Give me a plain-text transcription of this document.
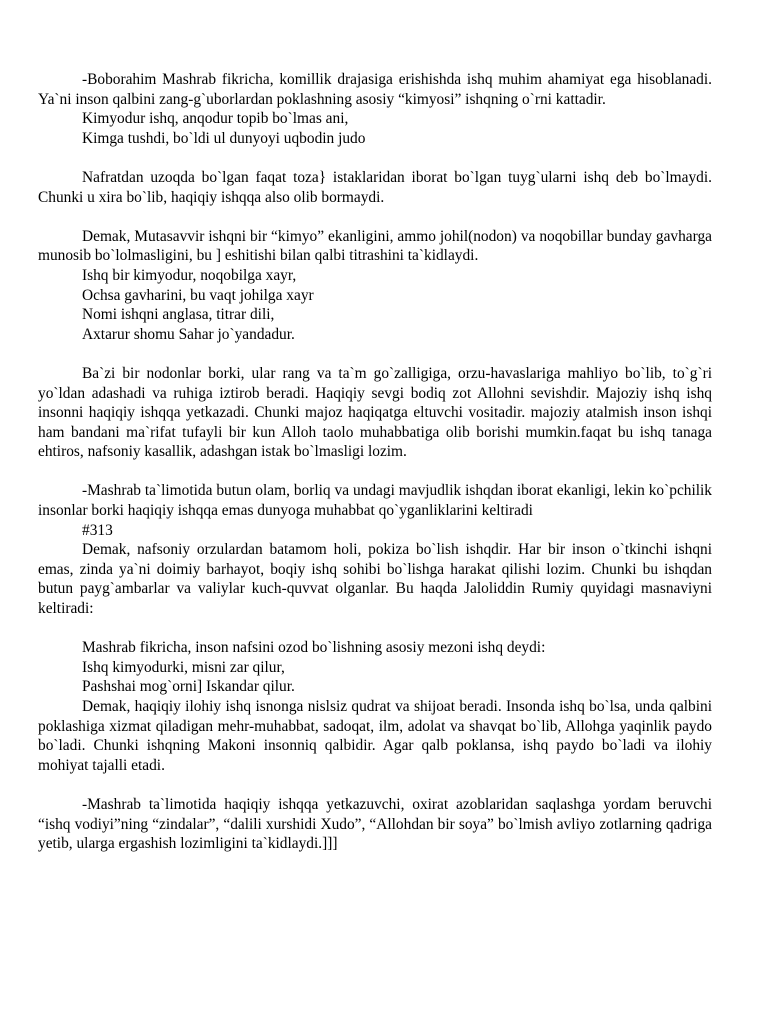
-Boborahim Mashrab fikricha, komillik drajasiga erishishda ishq muhim ahamiyat ega hisoblanadi. Ya`ni inson qalbini zang-g`uborlardan poklashning asosiy “kimyosi” ishqning o`rni kattadir.

Kimyodur ishq, anqodur topib bo`lmas ani,
Kimga tushdi, bo`ldi ul dunyoyi uqbodin judo

Nafratdan uzoqda bo`lgan faqat toza} istaklaridan iborat bo`lgan tuyg`ularni ishq deb bo`lmaydi. Chunki u xira bo`lib, haqiqiy ishqqa also olib bormaydi.

Demak, Mutasavvir ishqni bir “kimyo” ekanligini, ammo johil(nodon) va noqobillar bunday gavharga munosib bo`lolmasligini, bu ] eshitishi bilan qalbi titrashini ta`kidlaydi.

Ishq bir kimyodur, noqobilga xayr,
Ochsa gavharini, bu vaqt johilga xayr
Nomi ishqni anglasa, titrar dili,
Axtarur shomu Sahar jo`yandadur.

Ba`zi bir nodonlar borki, ular rang va ta`m go`zalligiga, orzu-havaslariga mahliyo bo`lib, to`g`ri yo`ldan adashadi va ruhiga iztirob beradi. Haqiqiy sevgi bodiq zot Allohni sevishdir. Majoziy ishq ishq insonni haqiqiy ishqqa yetkazadi. Chunki majoz haqiqatga eltuvchi vositadir. majoziy atalmish inson ishqi ham bandani ma`rifat tufayli bir kun Alloh taolo muhabbatiga olib borishi mumkin.faqat bu ishq tanaga ehtiros, nafsoniy kasallik, adashgan istak bo`lmasligi lozim.

-Mashrab ta`limotida butun olam, borliq va undagi mavjudlik ishqdan iborat ekanligi, lekin ko`pchilik insonlar borki haqiqiy ishqqa emas dunyoga muhabbat qo`yganliklarini keltiradi

#313

Demak, nafsoniy orzulardan batamom holi, pokiza bo`lish ishqdir. Har bir inson o`tkinchi ishqni emas, zinda ya`ni doimiy barhayot, boqiy ishq sohibi bo`lishga harakat qilishi lozim. Chunki bu ishqdan butun payg`ambarlar va valiylar kuch-quvvat olganlar. Bu haqda Jaloliddin Rumiy quyidagi masnaviyni keltiradi:

Mashrab fikricha, inson nafsini ozod bo`lishning asosiy mezoni ishq deydi:
Ishq kimyodurki, misni zar qilur,
Pashshai mog`orni] Iskandar qilur.

Demak, haqiqiy ilohiy ishq isnonga nislsiz qudrat va shijoat beradi. Insonda ishq bo`lsa, unda qalbini poklashiga xizmat qiladigan mehr-muhabbat, sadoqat, ilm, adolat va shavqat bo`lib, Allohga yaqinlik paydo bo`ladi. Chunki ishqning Makoni insonniq qalbidir. Agar qalb poklansa, ishq paydo bo`ladi va ilohiy mohiyat tajalli etadi.

-Mashrab ta`limotida haqiqiy ishqqa yetkazuvchi, oxirat azoblaridan saqlashga yordam beruvchi “ishq vodiyi”ning “zindalar”, “dalili xurshidi Xudo”, “Allohdan bir soya” bo`lmish avliyo zotlarning qadriga yetib, ularga ergashish lozimligini ta`kidlaydi.]]]
